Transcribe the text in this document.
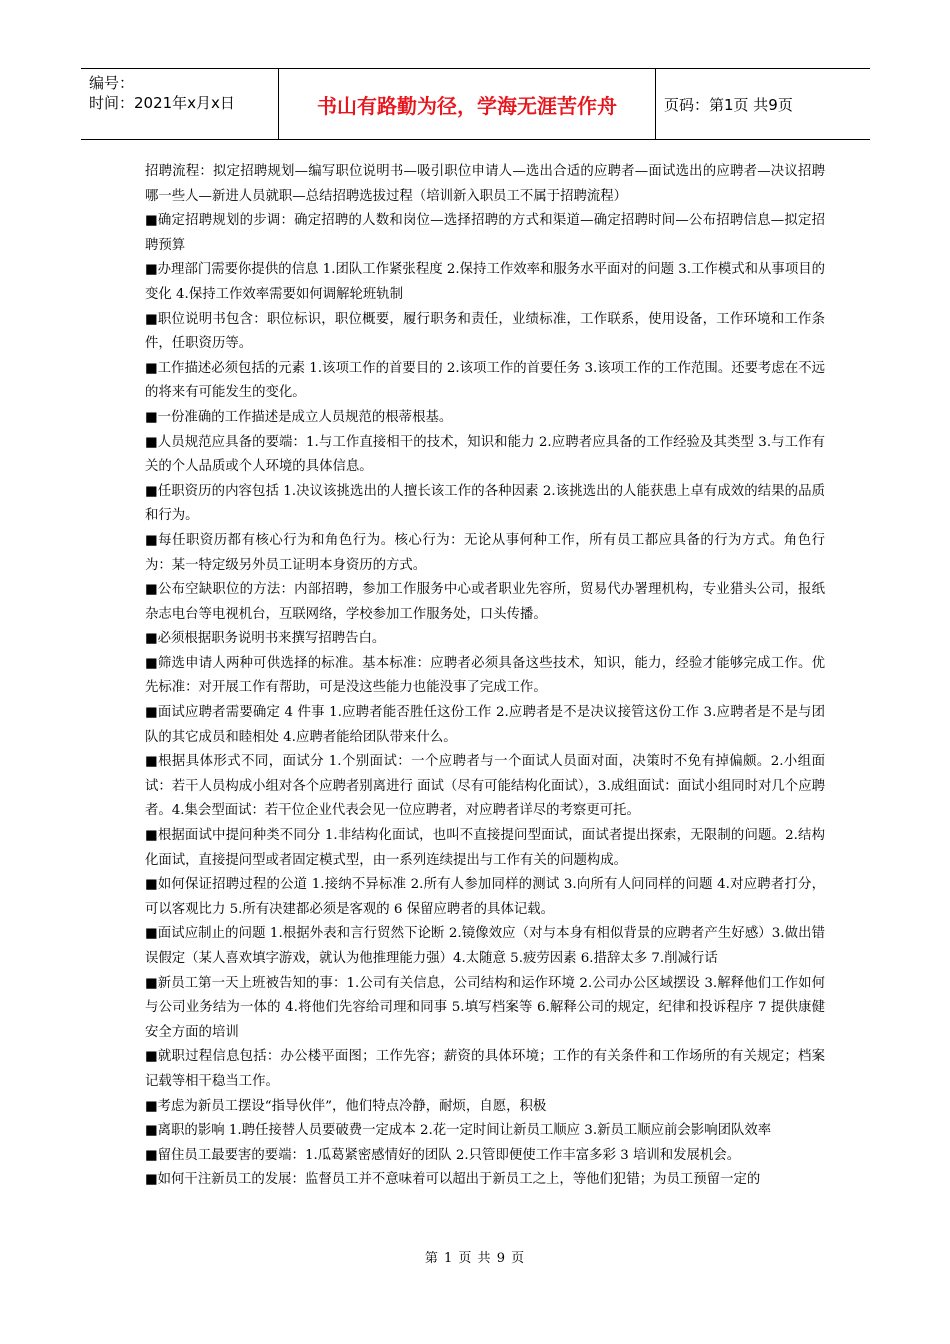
编号：
时间：2021年x月x日	书山有路勤为径，学海无涯苦作舟	页码：第1页 共9页

招聘流程：拟定招聘规划—编写职位说明书—吸引职位申请人—选出合适的应聘者—面试选出的应聘者—决议招聘哪一些人—新进人员就职—总结招聘选拔过程（培训新入职员工不属于招聘流程）

■确定招聘规划的步调：确定招聘的人数和岗位—选择招聘的方式和渠道—确定招聘时间—公布招聘信息—拟定招聘预算

■办理部门需要你提供的信息 1.团队工作紧张程度 2.保持工作效率和服务水平面对的问题 3.工作模式和从事项目的变化 4.保持工作效率需要如何调解轮班轨制

■职位说明书包含：职位标识，职位概要，履行职务和责任，业绩标准，工作联系，使用设备，工作环境和工作条件，任职资历等。

■工作描述必须包括的元素 1.该项工作的首要目的 2.该项工作的首要任务 3.该项工作的工作范围。还要考虑在不远的将来有可能发生的变化。

■一份准确的工作描述是成立人员规范的根蒂根基。

■人员规范应具备的要端：1.与工作直接相干的技术，知识和能力 2.应聘者应具备的工作经验及其类型 3.与工作有关的个人品质或个人环境的具体信息。

■任职资历的内容包括 1.决议该挑选出的人擅长该工作的各种因素 2.该挑选出的人能获患上卓有成效的结果的品质和行为。

■每任职资历都有核心行为和角色行为。核心行为：无论从事何种工作，所有员工都应具备的行为方式。角色行为：某一特定级另外员工证明本身资历的方式。

■公布空缺职位的方法：内部招聘，参加工作服务中心或者职业先容所，贸易代办署理机构，专业猎头公司，报纸杂志电台等电视机台，互联网络，学校参加工作服务处，口头传播。

■必须根据职务说明书来撰写招聘告白。

■筛选申请人两种可供选择的标准。基本标准：应聘者必须具备这些技术，知识，能力，经验才能够完成工作。优先标准：对开展工作有帮助，可是没这些能力也能没事了完成工作。

■面试应聘者需要确定 4 件事 1.应聘者能否胜任这份工作 2.应聘者是不是决议接管这份工作 3.应聘者是不是与团队的其它成员和睦相处 4.应聘者能给团队带来什么。

■根据具体形式不同，面试分 1.个别面试：一个应聘者与一个面试人员面对面，决策时不免有掉偏颇。2.小组面试：若干人员构成小组对各个应聘者别离进行 面试（尽有可能结构化面试），3.成组面试：面试小组同时对几个应聘者。4.集会型面试：若干位企业代表会见一位应聘者，对应聘者详尽的考察更可托。

■根据面试中提问种类不同分 1.非结构化面试，也叫不直接提问型面试，面试者提出探索，无限制的问题。2.结构化面试，直接提问型或者固定模式型，由一系列连续提出与工作有关的问题构成。

■如何保证招聘过程的公道 1.接纳不异标准 2.所有人参加同样的测试 3.向所有人问同样的问题 4.对应聘者打分，可以客观比力 5.所有决建都必须是客观的 6 保留应聘者的具体记载。

■面试应制止的问题 1.根据外表和言行贸然下论断 2.镜像效应（对与本身有相似背景的应聘者产生好感）3.做出错误假定（某人喜欢填字游戏，就认为他推理能力强）4.太随意 5.疲劳因素 6.措辞太多 7.削减行话

■新员工第一天上班被告知的事：1.公司有关信息，公司结构和运作环境 2.公司办公区域摆设 3.解释他们工作如何与公司业务结为一体的 4.将他们先容给司理和同事 5.填写档案等 6.解释公司的规定，纪律和投诉程序 7 提供康健安全方面的培训

■就职过程信息包括：办公楼平面图；工作先容；薪资的具体环境；工作的有关条件和工作场所的有关规定；档案记载等相干稳当工作。

■考虑为新员工摆设“指导伙伴”，他们特点冷静，耐烦，自愿，积极

■离职的影响 1.聘任接替人员要破费一定成本 2.花一定时间让新员工顺应 3.新员工顺应前会影响团队效率

■留住员工最要害的要端：1.瓜葛紧密感情好的团队 2.只管即便使工作丰富多彩 3 培训和发展机会。

■如何干注新员工的发展：监督员工并不意味着可以超出于新员工之上，等他们犯错；为员工预留一定的

第 1 页 共 9 页
